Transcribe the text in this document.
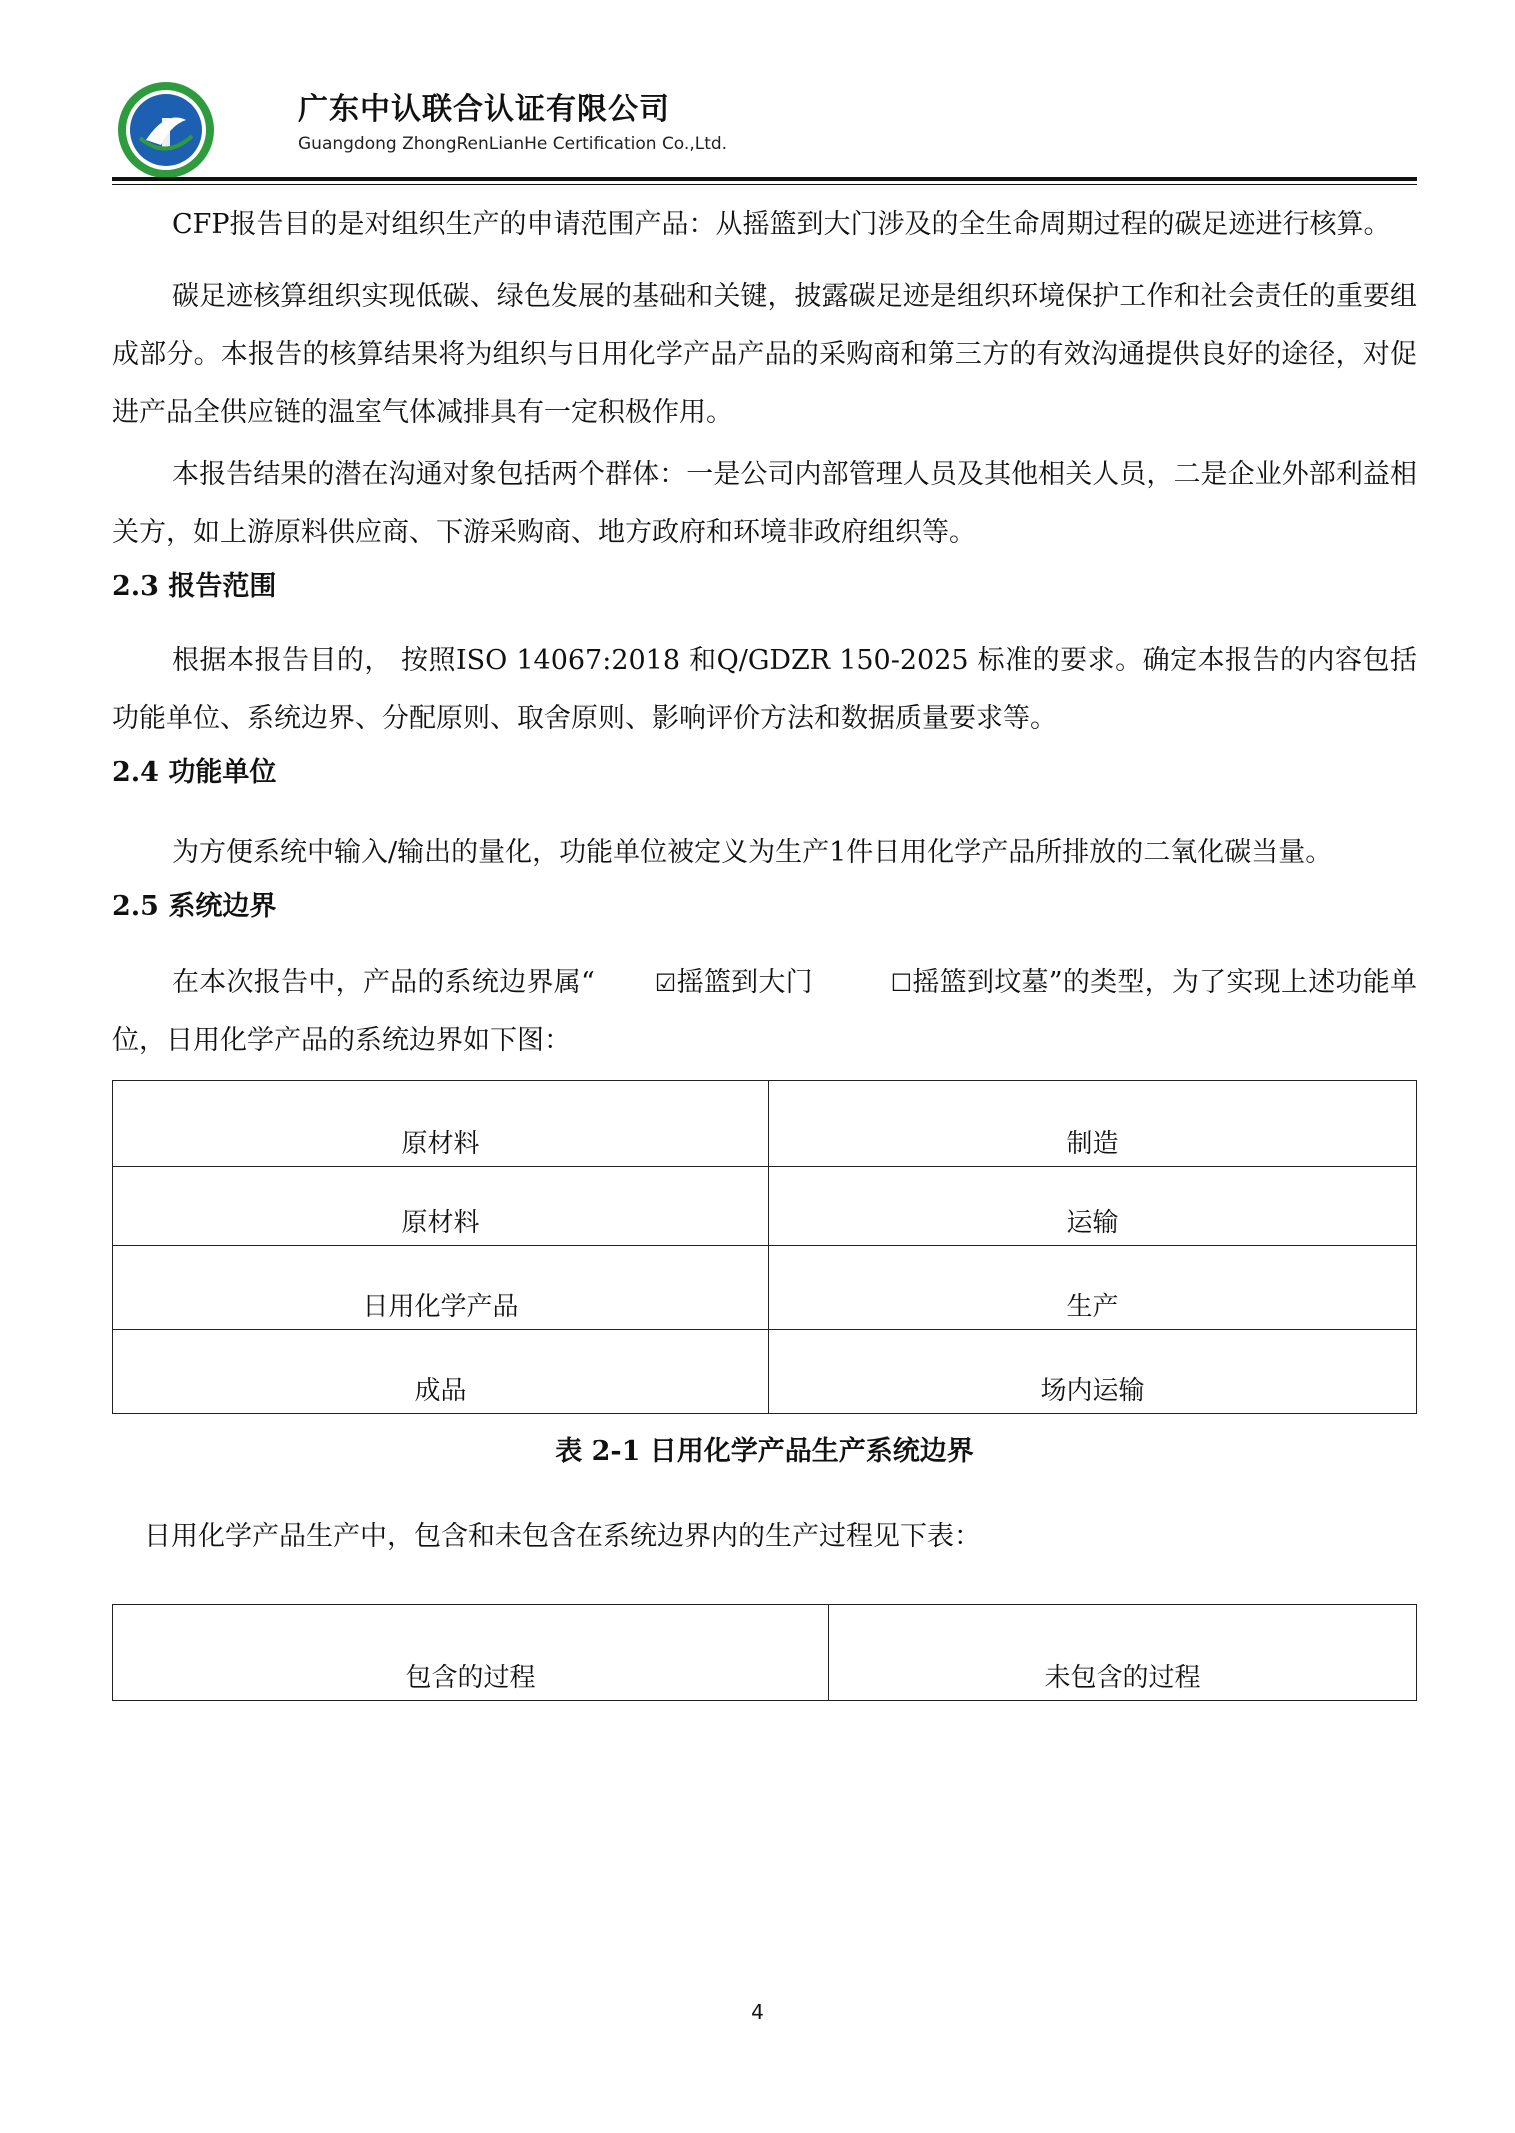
广东中认联合认证有限公司
Guangdong ZhongRenLianHe Certification Co.,Ltd.

CFP报告目的是对组织生产的申请范围产品：从摇篮到大门涉及的全生命周期过程的碳足迹进行核算。

碳足迹核算组织实现低碳、绿色发展的基础和关键，披露碳足迹是组织环境保护工作和社会责任的重要组成部分。本报告的核算结果将为组织与日用化学产品产品的采购商和第三方的有效沟通提供良好的途径，对促进产品全供应链的温室气体减排具有一定积极作用。

本报告结果的潜在沟通对象包括两个群体：一是公司内部管理人员及其他相关人员，二是企业外部利益相关方，如上游原料供应商、下游采购商、地方政府和环境非政府组织等。

2.3 报告范围

根据本报告目的， 按照ISO 14067:2018 和Q/GDZR 150-2025 标准的要求。确定本报告的内容包括功能单位、系统边界、分配原则、取舍原则、影响评价方法和数据质量要求等。

2.4 功能单位

为方便系统中输入/输出的量化，功能单位被定义为生产1件日用化学产品所排放的二氧化碳当量。

2.5 系统边界

在本次报告中，产品的系统边界属“	☑摇篮到大门	☐摇篮到坟墓”的类型，为了实现上述功能单位，日用化学产品的系统边界如下图：

原材料	制造
原材料	运输
日用化学产品	生产
成品	场内运输

表 2-1 日用化学产品生产系统边界

日用化学产品生产中，包含和未包含在系统边界内的生产过程见下表：

包含的过程	未包含的过程
4
